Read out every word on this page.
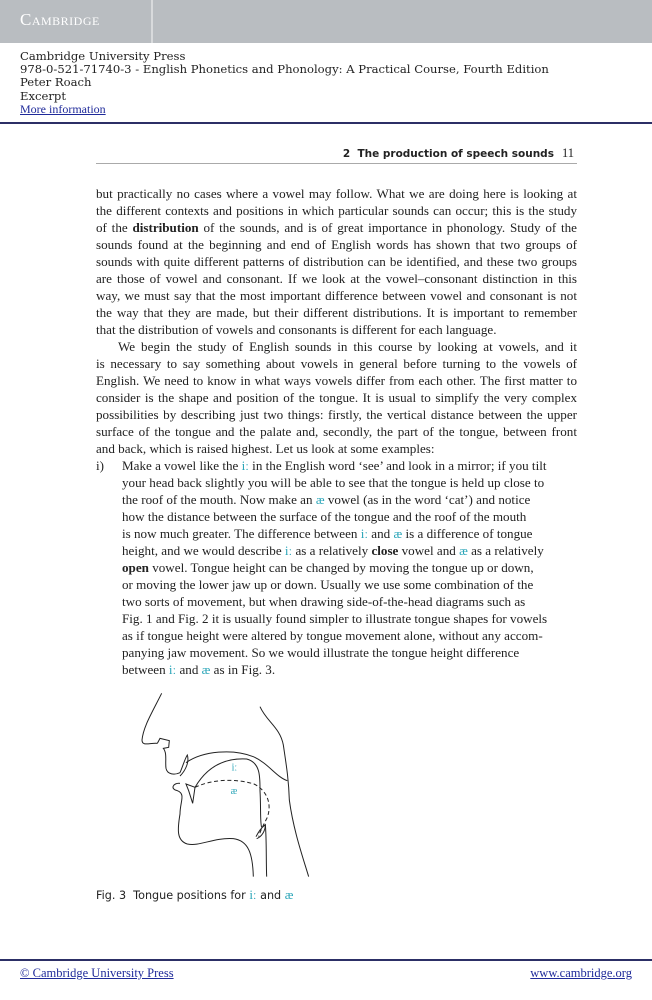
Cambridge
Cambridge University Press
978-0-521-71740-3 - English Phonetics and Phonology: A Practical Course, Fourth Edition
Peter Roach
Excerpt
More information
2  The production of speech sounds 11
but practically no cases where a vowel may follow. What we are doing here is looking at
the different contexts and positions in which particular sounds can occur; this is the study
of the distribution of the sounds, and is of great importance in phonology. Study of the
sounds found at the beginning and end of English words has shown that two groups of
sounds with quite different patterns of distribution can be identified, and these two groups
are those of vowel and consonant. If we look at the vowel–consonant distinction in this
way, we must say that the most important difference between vowel and consonant is not
the way that they are made, but their different distributions. It is important to remember
that the distribution of vowels and consonants is different for each language.
We begin the study of English sounds in this course by looking at vowels, and it
is necessary to say something about vowels in general before turning to the vowels of
English. We need to know in what ways vowels differ from each other. The first matter to
consider is the shape and position of the tongue. It is usual to simplify the very complex
possibilities by describing just two things: firstly, the vertical distance between the upper
surface of the tongue and the palate and, secondly, the part of the tongue, between front
and back, which is raised highest. Let us look at some examples:
i) Make a vowel like the iː in the English word ‘see’ and look in a mirror; if you tilt
your head back slightly you will be able to see that the tongue is held up close to
the roof of the mouth. Now make an æ vowel (as in the word ‘cat’) and notice
how the distance between the surface of the tongue and the roof of the mouth
is now much greater. The difference between iː and æ is a difference of tongue
height, and we would describe iː as a relatively close vowel and æ as a relatively
open vowel. Tongue height can be changed by moving the tongue up or down,
or moving the lower jaw up or down. Usually we use some combination of the
two sorts of movement, but when drawing side-of-the-head diagrams such as
Fig. 1 and Fig. 2 it is usually found simpler to illustrate tongue shapes for vowels
as if tongue height were altered by tongue movement alone, without any accom-
panying jaw movement. So we would illustrate the tongue height difference
between iː and æ as in Fig. 3.
iː
æ
Fig. 3  Tongue positions for iː and æ
© Cambridge University Press	www.cambridge.org
